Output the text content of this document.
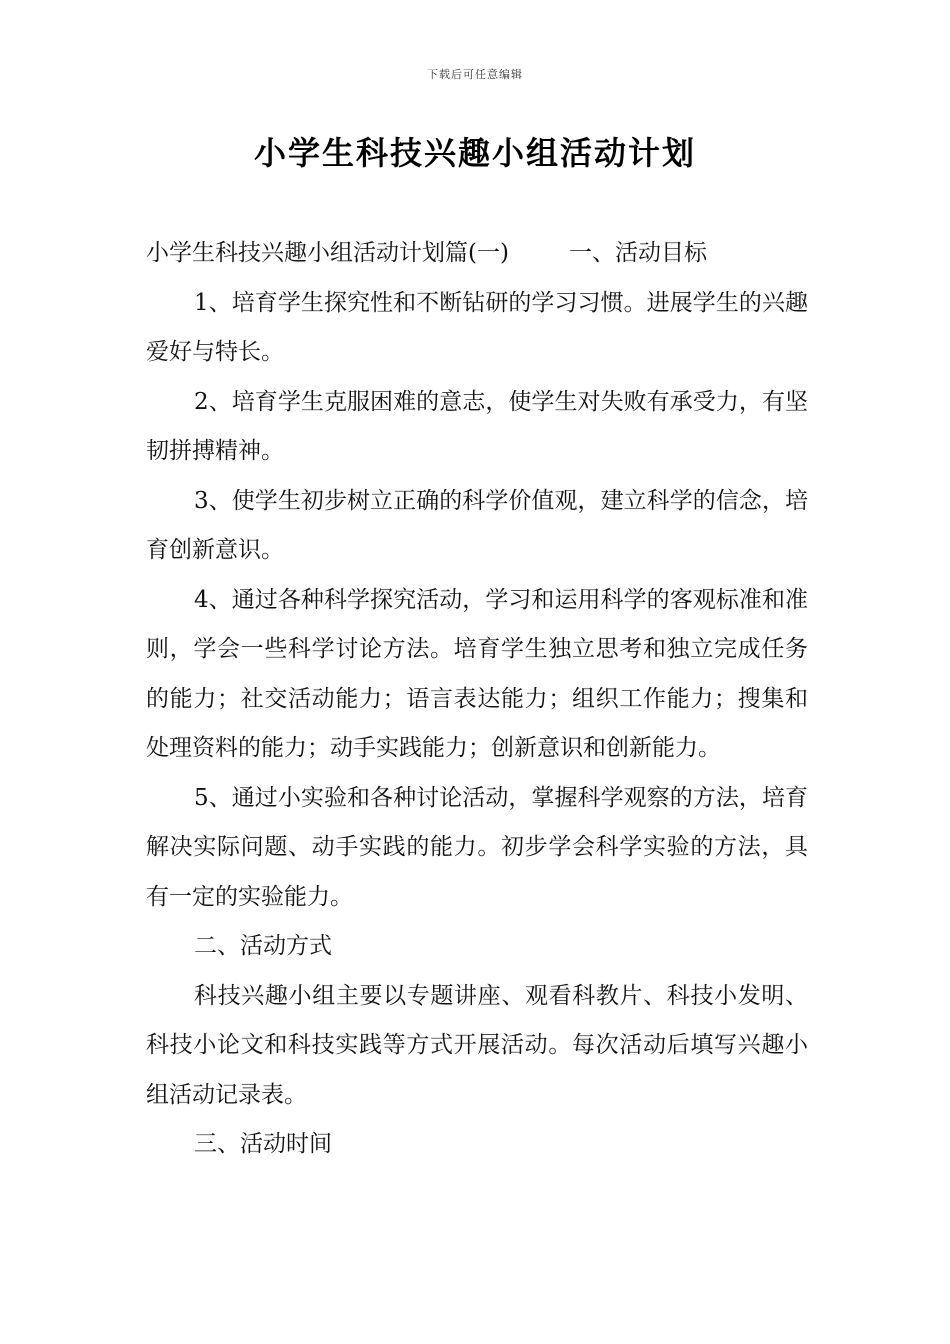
下载后可任意编辑
小学生科技兴趣小组活动计划

小学生科技兴趣小组活动计划篇(一)	一、活动目标

1、培育学生探究性和不断钻研的学习习惯。进展学生的兴趣爱好与特长。

2、培育学生克服困难的意志，使学生对失败有承受力，有坚韧拼搏精神。

3、使学生初步树立正确的科学价值观，建立科学的信念，培育创新意识。

4、通过各种科学探究活动，学习和运用科学的客观标准和准则，学会一些科学讨论方法。培育学生独立思考和独立完成任务的能力；社交活动能力；语言表达能力；组织工作能力；搜集和处理资料的能力；动手实践能力；创新意识和创新能力。

5、通过小实验和各种讨论活动，掌握科学观察的方法，培育解决实际问题、动手实践的能力。初步学会科学实验的方法，具有一定的实验能力。

二、活动方式

科技兴趣小组主要以专题讲座、观看科教片、科技小发明、科技小论文和科技实践等方式开展活动。每次活动后填写兴趣小组活动记录表。

三、活动时间
